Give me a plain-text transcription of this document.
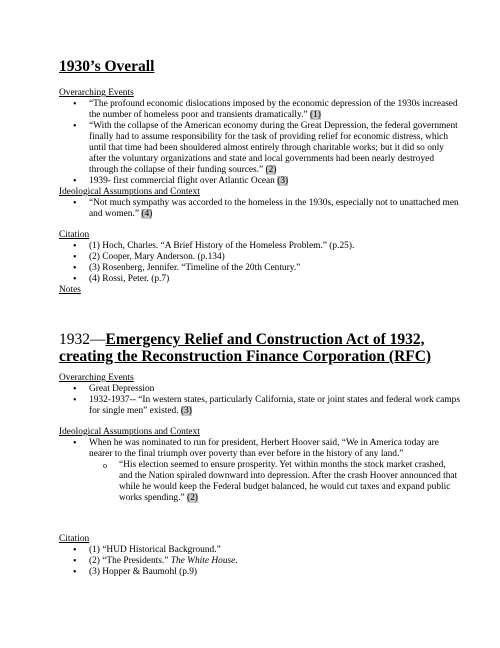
1930’s Overall
Overarching Events
• “The profound economic dislocations imposed by the economic depression of the 1930s increased the number of homeless poor and transients dramatically.” (1)
• “With the collapse of the American economy during the Great Depression, the federal government finally had to assume responsibility for the task of providing relief for economic distress, which until that time had been shouldered almost entirely through charitable works; but it did so only after the voluntary organizations and state and local governments had been nearly destroyed through the collapse of their funding sources.” (2)
• 1939- first commercial flight over Atlantic Ocean (3)
Ideological Assumptions and Context
• “Not much sympathy was accorded to the homeless in the 1930s, especially not to unattached men and women.” (4)
Citation
• (1) Hoch, Charles. “A Brief History of the Homeless Problem.” (p.25).
• (2) Cooper, Mary Anderson. (p.134)
• (3) Rosenberg, Jennifer. “Timeline of the 20th Century.”
• (4) Rossi, Peter. (p.7)
Notes
1932—Emergency Relief and Construction Act of 1932, creating the Reconstruction Finance Corporation (RFC)
Overarching Events
• Great Depression
• 1932-1937-- “In western states, particularly California, state or joint states and federal work camps for single men” existed. (3)
Ideological Assumptions and Context
• When he was nominated to run for president, Herbert Hoover said, “We in America today are nearer to the final triumph over poverty than ever before in the history of any land.”
o “His election seemed to ensure prosperity. Yet within months the stock market crashed, and the Nation spiraled downward into depression. After the crash Hoover announced that while he would keep the Federal budget balanced, he would cut taxes and expand public works spending.” (2)
Citation
• (1) “HUD Historical Background.”
• (2) “The Presidents.” The White House.
• (3) Hopper & Baumohl (p.9)
